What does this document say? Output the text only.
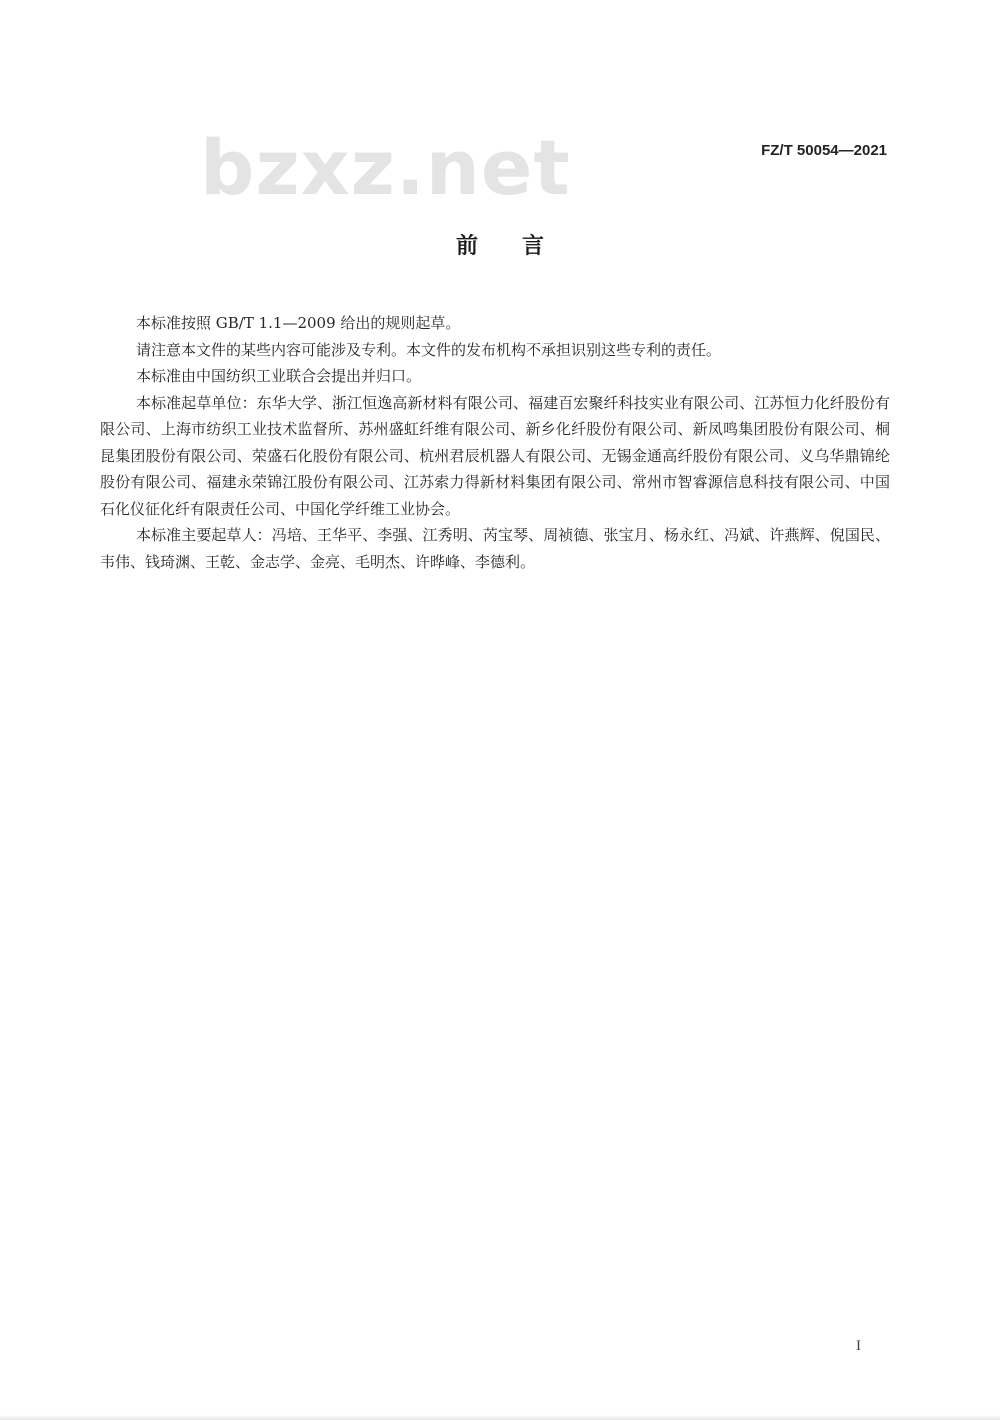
bzxz.net	FZ/T 50054—2021
前言

本标准按照 GB/T 1.1—2009 给出的规则起草。

请注意本文件的某些内容可能涉及专利。本文件的发布机构不承担识别这些专利的责任。

本标准由中国纺织工业联合会提出并归口。

本标准起草单位：东华大学、浙江恒逸高新材料有限公司、福建百宏聚纤科技实业有限公司、江苏恒力化纤股份有限公司、上海市纺织工业技术监督所、苏州盛虹纤维有限公司、新乡化纤股份有限公司、新凤鸣集团股份有限公司、桐昆集团股份有限公司、荣盛石化股份有限公司、杭州君辰机器人有限公司、无锡金通高纤股份有限公司、义乌华鼎锦纶股份有限公司、福建永荣锦江股份有限公司、江苏索力得新材料集团有限公司、常州市智睿源信息科技有限公司、中国石化仪征化纤有限责任公司、中国化学纤维工业协会。

本标准主要起草人：冯培、王华平、李强、江秀明、芮宝琴、周祯德、张宝月、杨永红、冯斌、许燕辉、倪国民、韦伟、钱琦渊、王乾、金志学、金亮、毛明杰、许晔峰、李德利。

I
